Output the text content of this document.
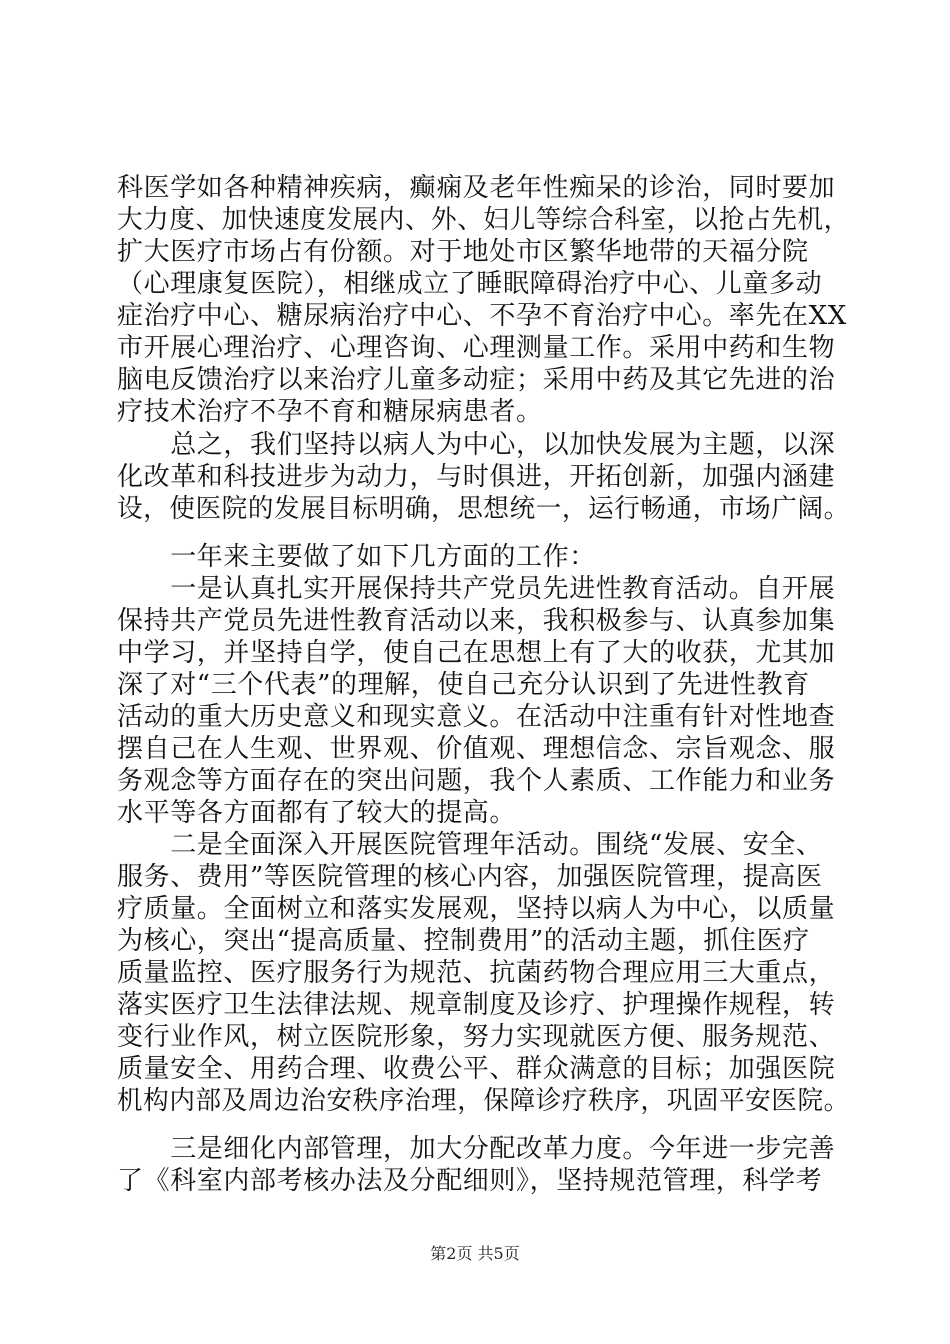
科医学如各种精神疾病，癫痫及老年性痴呆的诊治，同时要加
大力度、加快速度发展内、外、妇儿等综合科室，以抢占先机，
扩大医疗市场占有份额。对于地处市区繁华地带的天福分院
（心理康复医院），相继成立了睡眠障碍治疗中心、儿童多动
症治疗中心、糖尿病治疗中心、不孕不育治疗中心。率先在XX
市开展心理治疗、心理咨询、心理测量工作。采用中药和生物
脑电反馈治疗以来治疗儿童多动症；采用中药及其它先进的治
疗技术治疗不孕不育和糖尿病患者。
　　总之，我们坚持以病人为中心，以加快发展为主题，以深
化改革和科技进步为动力，与时俱进，开拓创新，加强内涵建
设，使医院的发展目标明确，思想统一，运行畅通，市场广阔。
　　一年来主要做了如下几方面的工作：
　　一是认真扎实开展保持共产党员先进性教育活动。自开展
保持共产党员先进性教育活动以来，我积极参与、认真参加集
中学习，并坚持自学，使自己在思想上有了大的收获，尤其加
深了对“三个代表”的理解，使自己充分认识到了先进性教育
活动的重大历史意义和现实意义。在活动中注重有针对性地查
摆自己在人生观、世界观、价值观、理想信念、宗旨观念、服
务观念等方面存在的突出问题，我个人素质、工作能力和业务
水平等各方面都有了较大的提高。
　　二是全面深入开展医院管理年活动。围绕“发展、安全、
服务、费用”等医院管理的核心内容，加强医院管理，提高医
疗质量。全面树立和落实发展观，坚持以病人为中心，以质量
为核心，突出“提高质量、控制费用”的活动主题，抓住医疗
质量监控、医疗服务行为规范、抗菌药物合理应用三大重点，
落实医疗卫生法律法规、规章制度及诊疗、护理操作规程，转
变行业作风，树立医院形象，努力实现就医方便、服务规范、
质量安全、用药合理、收费公平、群众满意的目标；加强医院
机构内部及周边治安秩序治理，保障诊疗秩序，巩固平安医院。
　　三是细化内部管理，加大分配改革力度。今年进一步完善
了《科室内部考核办法及分配细则》，坚持规范管理，科学考
第2页 共5页
